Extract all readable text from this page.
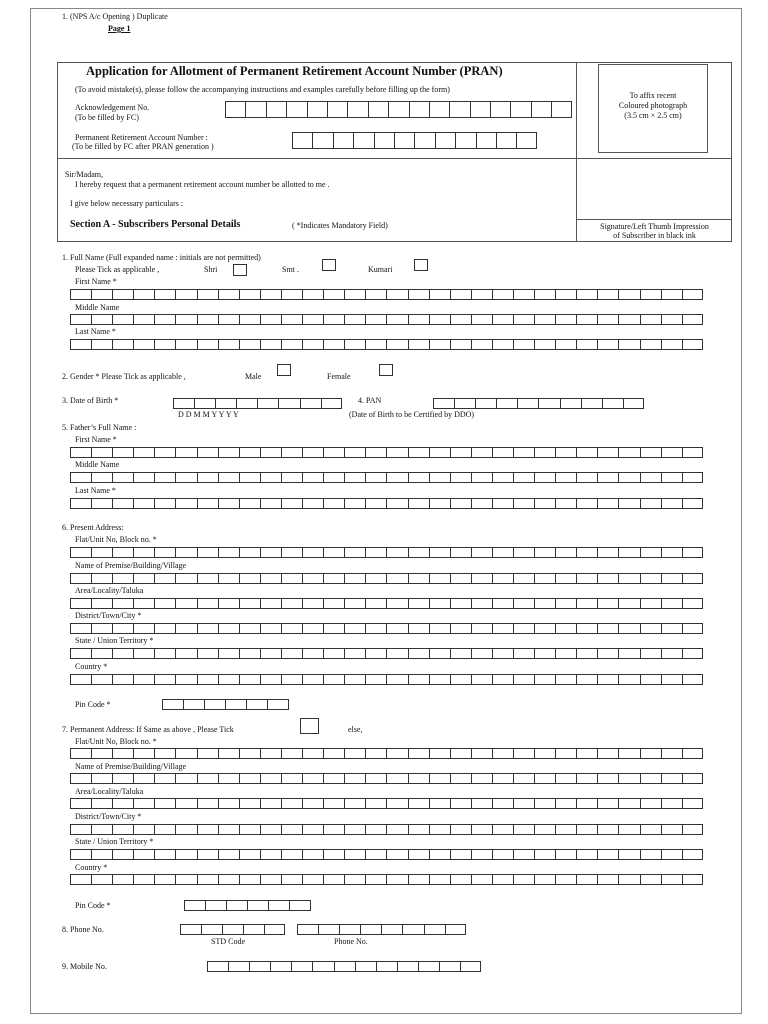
1. (NPS A/c Opening ) Duplicate
Page 1
Application for Allotment of Permanent Retirement Account Number (PRAN)
(To avoid mistake(s), please follow the accompanying instructions and examples carefully before filling up the form)
Acknowledgement No.
(To be filled by FC)
Permanent Retirement Account Number :
(To be filled by FC after PRAN generation )
To affix recent
Coloured photograph
(3.5 cm × 2.5 cm)
Sir/Madam,
I hereby request that a permanent retirement account number be allotted to me .
I give below necessary particulars :
Section A - Subscribers Personal Details	( *Indicates Mandatory Field)	Signature/Left Thumb Impression
of Subscriber in black ink
1. Full Name (Full expanded name : initials are not permitted)
Please Tick as applicable ,	Shri	Smt .	Kumari
First Name *
Middle Name
Last Name *
2. Gender * Please Tick as applicable ,	Male	Female
3. Date of Birth *
D D M M Y Y Y Y	(Date of Birth to be Certified by DDO)
4. PAN
5. Father’s Full Name :
First Name *
Middle Name
Last Name *
6. Present Address:
Flat/Unit No, Block no. *
Name of Premise/Building/Village
Area/Locality/Taluka
District/Town/City *
State / Union Territory *
Country *
Pin Code *
7. Permanent Address: If Same as above , Please Tick	else,
Flat/Unit No, Block no. *
Name of Premise/Building/Village
Area/Locality/Taluka
District/Town/City *
State / Union Territory *
Country *
Pin Code *
8. Phone No.
STD Code	Phone No.
9. Mobile No.
